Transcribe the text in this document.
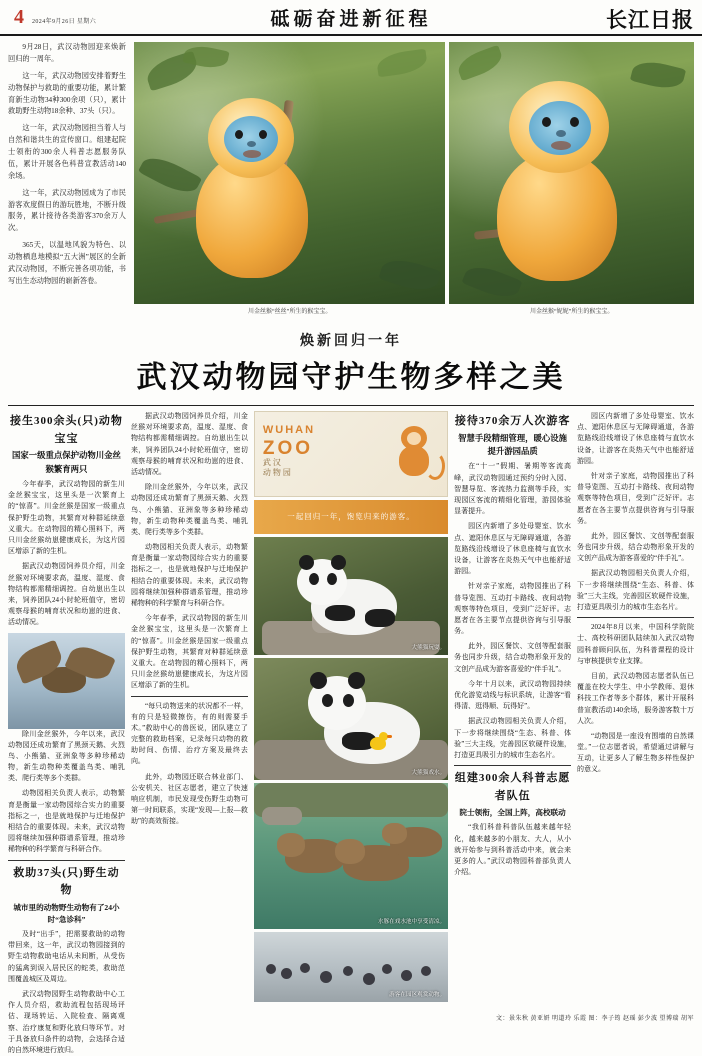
4	2024年9月26日 星期六	砥砺奋进新征程	长江日报

9月28日，武汉动物园迎来焕新回归的一周年。

这一年，武汉动物园安排着野生动物保护与救助的重要功能，累计繁育新生动物34种300余项（只），累计救助野生动物18余种、37头（只）。

这一年，武汉动物园担当着人与自然和谐共生的宣传窗口。组建起院士领衔的300余人科普志愿服务队伍，累计开展各色科普宣教活动140余场。

这一年，武汉动物园成为了市民游客欢度假日的游玩胜地，不断升级服务，累计接待各类游客370余万人次。

365天，以温地风貌为特色、以动物栖息地模拟“五大洲”展区的全新武汉动物园，不断完善各项功能，书写出生态动物园的崭新答卷。

川金丝猴“丝丝”所生的猴宝宝。	川金丝猴“妮妮”所生的猴宝宝。
焕新回归一年
武汉动物园守护生物多样之美
接生300余头(只)动物宝宝
国家一级重点保护动物川金丝猴繁育两只

今年春季，武汉动物园的新生川金丝猴宝宝，这里头是一次繁育上的“惊喜”。川金丝猴是国家一级重点保护野生动物，其繁育对种群延续意义重大。在动物园的精心照料下，两只川金丝猴幼崽健康成长，为这片园区增添了新的生机。

据武汉动物园饲养员介绍，川金丝猴对环境要求高，温度、湿度、食物结构都需精细调控。自幼崽出生以来，饲养团队24小时轮班值守，密切观察母猴的哺育状况和幼崽的进食、活动情况。

除川金丝猴外，今年以来，武汉动物园还成功繁育了黑颈天鹅、火烈鸟、小熊猫、亚洲象等多种珍稀动物，新生动物种类覆盖鸟类、哺乳类、爬行类等多个类群。

动物园相关负责人表示，动物繁育是衡量一家动物园综合实力的重要指标之一，也是就地保护与迁地保护相结合的重要体现。未来，武汉动物园将继续加强种群谱系管理，推动珍稀物种的科学繁育与科研合作。

救助37头(只)野生动物
城市里的动物野生动物有了24小时“急诊科”

及时“出手”，把需要救助的动物带回来，这一年，武汉动物园接到的野生动物救助电话从未间断，从受伤的猛禽到误入居民区的蛇类，救助范围覆盖城区及周边。

武汉动物园野生动物救助中心工作人员介绍，救助流程包括现场评估、现场转运、入院检查、隔离观察、治疗康复和野化放归等环节。对于具备放归条件的动物，会选择合适的自然环境进行放归。

据武汉动物园饲养员介绍，川金丝猴对环境要求高，温度、湿度、食物结构都需精细调控。自幼崽出生以来，饲养团队24小时轮班值守，密切观察母猴的哺育状况和幼崽的进食、活动情况。

除川金丝猴外，今年以来，武汉动物园还成功繁育了黑颈天鹅、火烈鸟、小熊猫、亚洲象等多种珍稀动物，新生动物种类覆盖鸟类、哺乳类、爬行类等多个类群。

动物园相关负责人表示，动物繁育是衡量一家动物园综合实力的重要指标之一，也是就地保护与迁地保护相结合的重要体现。未来，武汉动物园将继续加强种群谱系管理，推动珍稀物种的科学繁育与科研合作。

今年春季，武汉动物园的新生川金丝猴宝宝，这里头是一次繁育上的“惊喜”。川金丝猴是国家一级重点保护野生动物，其繁育对种群延续意义重大。在动物园的精心照料下，两只川金丝猴幼崽健康成长，为这片园区增添了新的生机。

“每只动物送来的状况都不一样，有的只是轻微擦伤，有的则需要手术。”救助中心的兽医说，团队建立了完整的救助档案，记录每只动物的救助时间、伤情、治疗方案及最终去向。

此外，动物园还联合林业部门、公安机关、社区志愿者，建立了快速响应机制，市民发现受伤野生动物可第一时间联系，实现“发现—上报—救助”的高效衔接。

WUHAN
ZOO
武汉
动物园
一起回归一年，饱览归来的游客。
大熊猫玩耍。
大熊猫戏水。
水豚在戏水池中享受清凉。
游客在园区观赏动物。
接待370余万人次游客
智慧手段精细管理，暖心设施提升游园品质

在“十一”假期、暑期等客流高峰，武汉动物园通过预约分时入园、智慧导览、客流热力监测等手段，实现园区客流的精细化管理，游园体验显著提升。

园区内新增了多处母婴室、饮水点、遮阳休息区与无障碍通道，各游览路线沿线增设了休息座椅与直饮水设备，让游客在炎热天气中也能舒适游园。

针对亲子家庭，动物园推出了科普导览图、互动打卡路线、夜间动物观察等特色项目，受到广泛好评。志愿者在各主要节点提供咨询与引导服务。

此外，园区餐饮、文创等配套服务也同步升级，结合动物形象开发的文创产品成为游客喜爱的“伴手礼”。

今年十月以来，武汉动物园持续优化游览动线与标识系统，让游客“看得清、逛得顺、玩得好”。

据武汉动物园相关负责人介绍，下一步将继续围绕“生态、科普、体验”三大主线，完善园区软硬件设施，打造更具吸引力的城市生态名片。

组建300余人科普志愿者队伍
院士领衔，全国上阵，高校联动

“我们科普科普队伍越来越年轻化，越来越多的小朋友、大人，从小就开始参与到科普活动中来，就会来更多的人。”武汉动物园科普部负责人介绍。

园区内新增了多处母婴室、饮水点、遮阳休息区与无障碍通道，各游览路线沿线增设了休息座椅与直饮水设备，让游客在炎热天气中也能舒适游园。

针对亲子家庭，动物园推出了科普导览图、互动打卡路线、夜间动物观察等特色项目，受到广泛好评。志愿者在各主要节点提供咨询与引导服务。

此外，园区餐饮、文创等配套服务也同步升级，结合动物形象开发的文创产品成为游客喜爱的“伴手礼”。

据武汉动物园相关负责人介绍，下一步将继续围绕“生态、科普、体验”三大主线，完善园区软硬件设施，打造更具吸引力的城市生态名片。

2024年8月以来，中国科学院院士、高校科研团队陆续加入武汉动物园科普顾问队伍，为科普课程的设计与审核提供专业支撑。

目前，武汉动物园志愿者队伍已覆盖在校大学生、中小学教师、退休科技工作者等多个群体，累计开展科普宣教活动140余场，服务游客数十万人次。

“动物园是一座没有围墙的自然课堂。”一位志愿者说，希望通过讲解与互动，让更多人了解生物多样性保护的意义。

文：景朱秋 黄亚妍 明道玲 乐霞 图：李子筠 赵瑶 彭少波 望博瑞 胡军
